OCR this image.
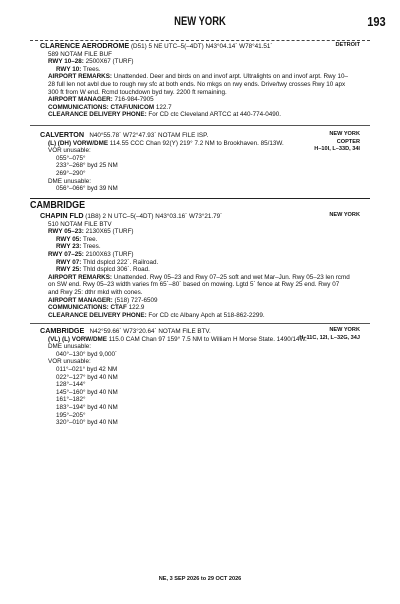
NEW YORK	193
DETROIT
CLARENCE AERODROME (D51) 5 NE UTC–5(–4DT) N43°04.14´ W78°41.51´
589 NOTAM FILE BUF
RWY 10–28: 2500X67 (TURF)
RWY 10: Trees.
AIRPORT REMARKS: Unattended. Deer and birds on and invof arpt. Ultralights on and invof arpt. Rwy 10–28 full len not avbl due to rough rwy sfc at both ends. No mkgs on rwy ends. Drive/twy crosses Rwy 10 apx 300 ft from W end. Rcmd touchdown byd twy. 2200 ft remaining.
AIRPORT MANAGER: 716-984-7905
COMMUNICATIONS: CTAF/UNICOM 122.7
CLEARANCE DELIVERY PHONE: For CD ctc Cleveland ARTCC at 440-774-0490.
NEW YORK
COPTER
H–10I, L–33D, 34I
CALVERTON N40°55.78´ W72°47.93´ NOTAM FILE ISP.
(L) (DH) VORW/DME 114.55 CCC Chan 92(Y) 219° 7.2 NM to Brookhaven. 85/13W.
VOR unusable:
055°–075°
233°–268° byd 25 NM
269°–290°
DME unusable:
056°–066° byd 39 NM
CAMBRIDGE
NEW YORK
CHAPIN FLD (1B8) 2 N UTC–5(–4DT) N43°03.16´ W73°21.79´
510 NOTAM FILE BTV
RWY 05–23: 2130X65 (TURF)
RWY 05: Tree.
RWY 23: Trees.
RWY 07–25: 2100X63 (TURF)
RWY 07: Thld dsplcd 222´. Railroad.
RWY 25: Thld dsplcd 306´. Road.
AIRPORT REMARKS: Unattended. Rwy 05–23 and Rwy 07–25 soft and wet Mar–Jun. Rwy 05–23 len rcmd on SW end. Rwy 05–23 width varies fm 65´–80´ based on mowing. Lgtd 5´ fence at Rwy 25 end. Rwy 07 and Rwy 25: dthr mkd with cones.
AIRPORT MANAGER: (518) 727-6509
COMMUNICATIONS: CTAF 122.9
CLEARANCE DELIVERY PHONE: For CD ctc Albany Apch at 518-862-2299.
NEW YORK
H–11C, 12I, L–32G, 34J
CAMBRIDGE N42°59.66´ W73°20.64´ NOTAM FILE BTV.
(VL) (L) VORW/DME 115.0 CAM Chan 97 159° 7.5 NM to William H Morse State. 1490/14W.
DME unusable:
040°–130° byd 9,000´
VOR unusable:
011°–021° byd 42 NM
022°–127° byd 40 NM
128°–144°
145°–160° byd 40 NM
161°–182°
183°–194° byd 40 NM
195°–205°
320°–010° byd 40 NM
NE, 3 SEP 2026 to 29 OCT 2026
